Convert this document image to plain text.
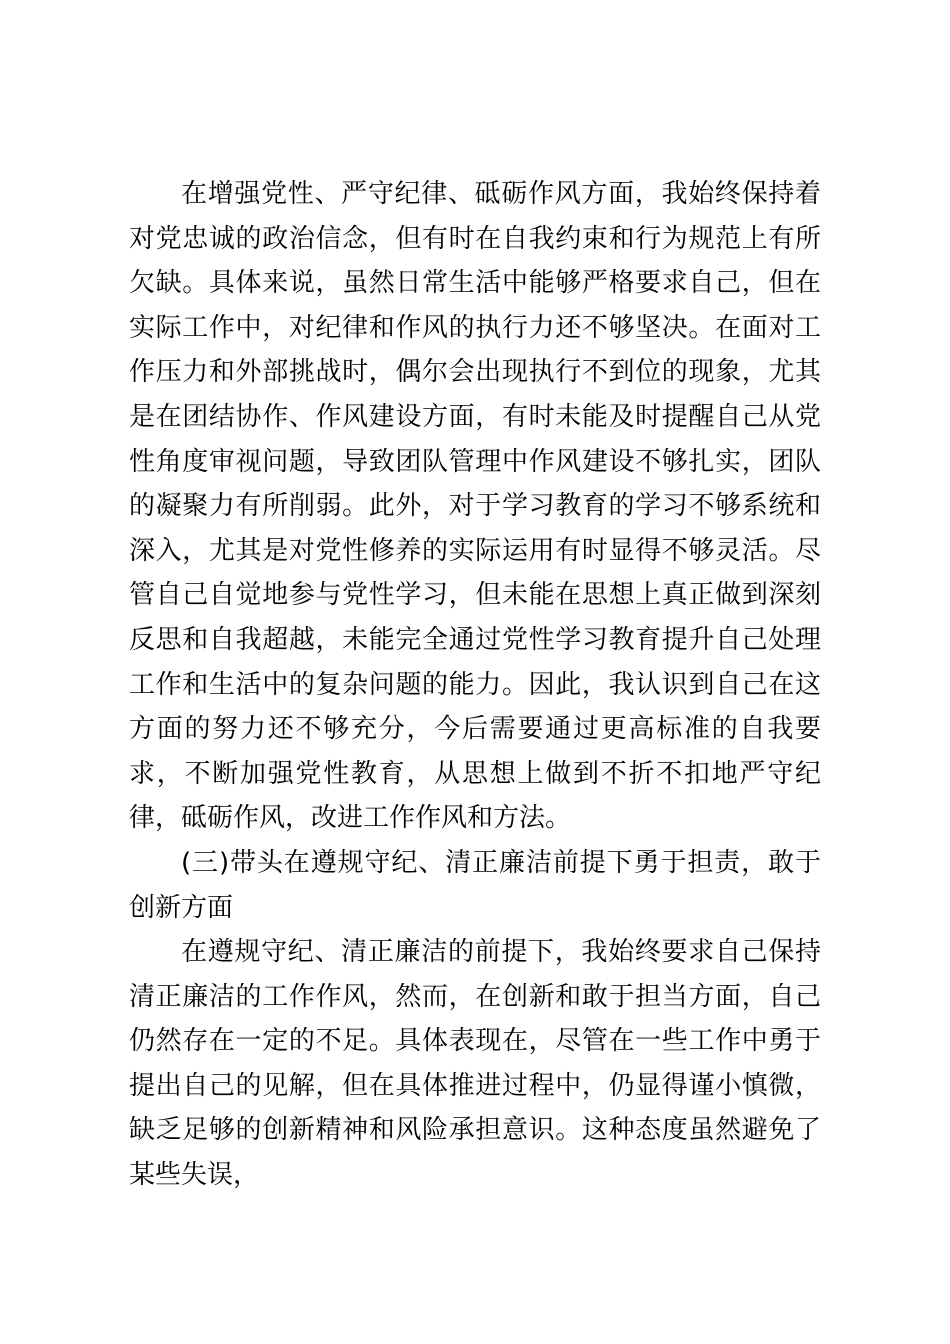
在增强党性、严守纪律、砥砺作风方面，我始终保持着对党忠诚的政治信念，但有时在自我约束和行为规范上有所欠缺。具体来说，虽然日常生活中能够严格要求自己，但在实际工作中，对纪律和作风的执行力还不够坚决。在面对工作压力和外部挑战时，偶尔会出现执行不到位的现象，尤其是在团结协作、作风建设方面，有时未能及时提醒自己从党性角度审视问题，导致团队管理中作风建设不够扎实，团队的凝聚力有所削弱。此外，对于学习教育的学习不够系统和深入，尤其是对党性修养的实际运用有时显得不够灵活。尽管自己自觉地参与党性学习，但未能在思想上真正做到深刻反思和自我超越，未能完全通过党性学习教育提升自己处理工作和生活中的复杂问题的能力。因此，我认识到自己在这方面的努力还不够充分，今后需要通过更高标准的自我要求，不断加强党性教育，从思想上做到不折不扣地严守纪律，砥砺作风，改进工作作风和方法。

(三)带头在遵规守纪、清正廉洁前提下勇于担责，敢于创新方面

在遵规守纪、清正廉洁的前提下，我始终要求自己保持清正廉洁的工作作风，然而，在创新和敢于担当方面，自己仍然存在一定的不足。具体表现在，尽管在一些工作中勇于提出自己的见解，但在具体推进过程中，仍显得谨小慎微，缺乏足够的创新精神和风险承担意识。这种态度虽然避免了某些失误，
